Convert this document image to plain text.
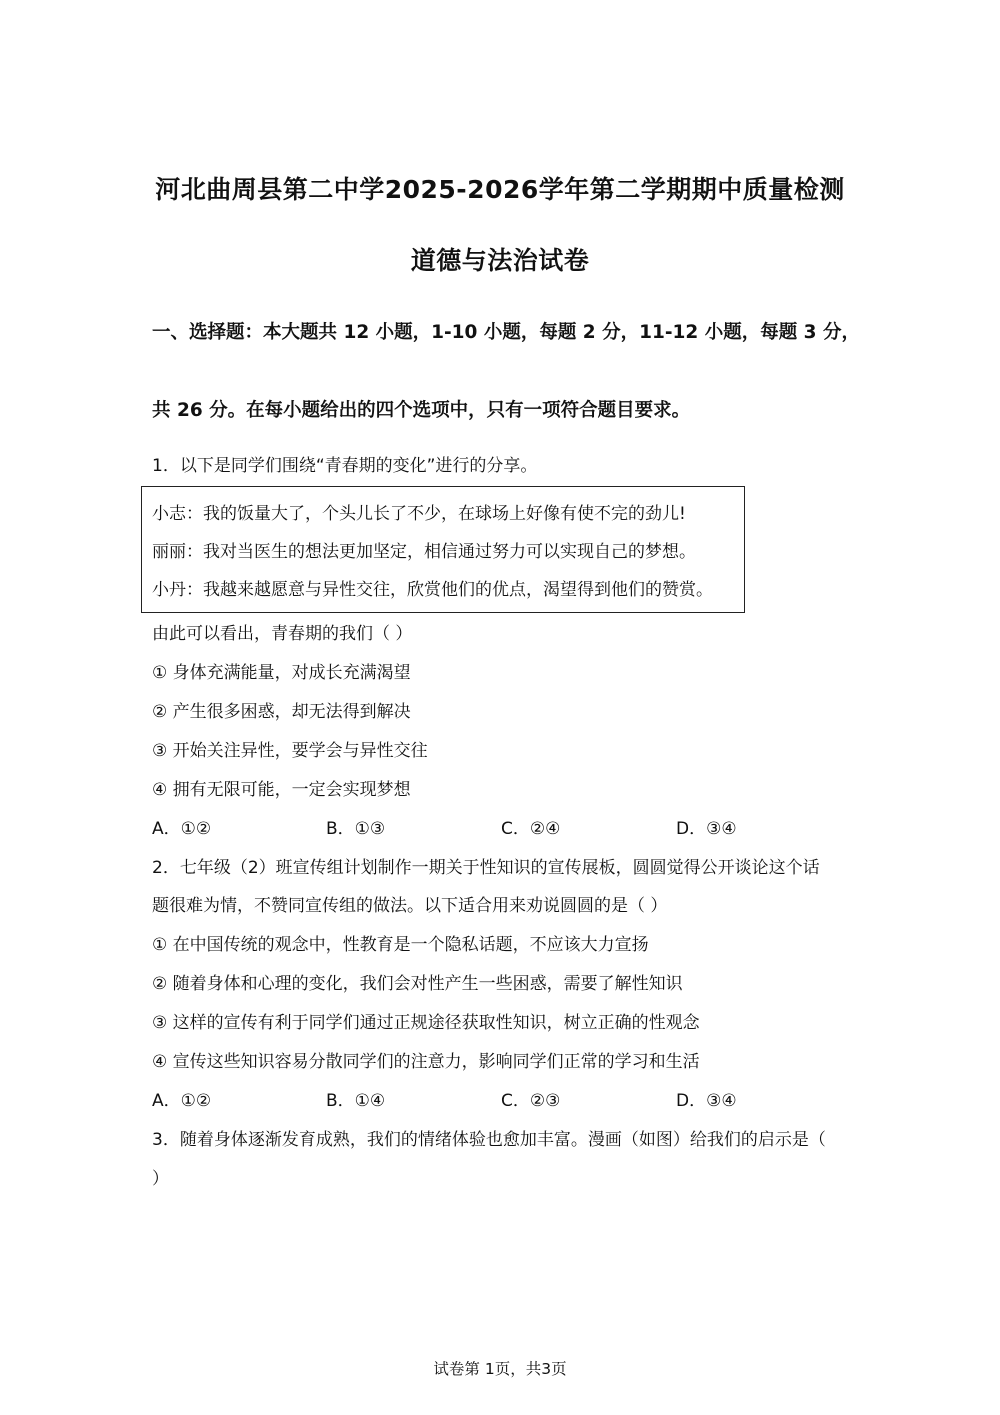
河北曲周县第二中学2025-2026学年第二学期期中质量检测
道德与法治试卷
一、选择题：本大题共 12 小题，1-10 小题，每题 2 分，11-12 小题，每题 3 分，
共 26 分。在每小题给出的四个选项中，只有一项符合题目要求。
1．以下是同学们围绕“青春期的变化”进行的分享。
小志：我的饭量大了，个头儿长了不少，在球场上好像有使不完的劲儿!
丽丽：我对当医生的想法更加坚定，相信通过努力可以实现自己的梦想。
小丹：我越来越愿意与异性交往，欣赏他们的优点，渴望得到他们的赞赏。
由此可以看出，青春期的我们（ ）
① 身体充满能量，对成长充满渴望
② 产生很多困惑，却无法得到解决
③ 开始关注异性，要学会与异性交往
④ 拥有无限可能，一定会实现梦想
A．①②	B．①③	C．②④	D．③④
2．七年级（2）班宣传组计划制作一期关于性知识的宣传展板，圆圆觉得公开谈论这个话
题很难为情，不赞同宣传组的做法。以下适合用来劝说圆圆的是（ ）
① 在中国传统的观念中，性教育是一个隐私话题，不应该大力宣扬
② 随着身体和心理的变化，我们会对性产生一些困惑，需要了解性知识
③ 这样的宣传有利于同学们通过正规途径获取性知识，树立正确的性观念
④ 宣传这些知识容易分散同学们的注意力，影响同学们正常的学习和生活
A．①②	B．①④	C．②③	D．③④
3．随着身体逐渐发育成熟，我们的情绪体验也愈加丰富。漫画（如图）给我们的启示是（
）
试卷第 1页，共3页
